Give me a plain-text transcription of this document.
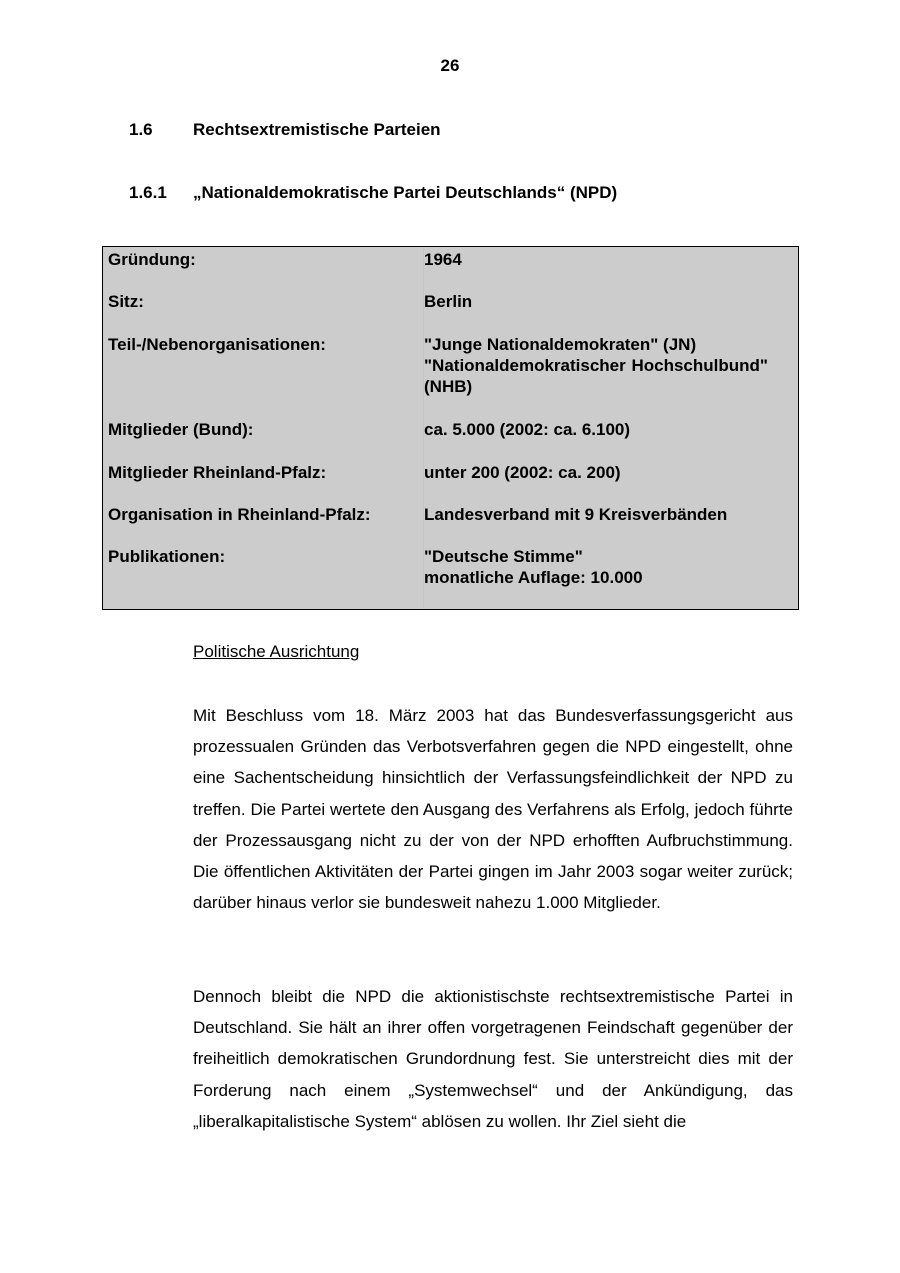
26
1.6	Rechtsextremistische Parteien
1.6.1	„Nationaldemokratische Partei Deutschlands“ (NPD)
Gründung:	1964
Sitz:	Berlin
Teil-/Nebenorganisationen:	"Junge Nationaldemokraten" (JN)
"Nationaldemokratischer Hochschulbund"
(NHB)
Mitglieder (Bund):	ca. 5.000 (2002: ca. 6.100)
Mitglieder Rheinland-Pfalz:	unter 200 (2002: ca. 200)
Organisation in Rheinland-Pfalz:	Landesverband mit 9 Kreisverbänden
Publikationen:	"Deutsche Stimme"
monatliche Auflage: 10.000
Politische Ausrichtung

Mit Beschluss vom 18. März 2003 hat das Bundesverfassungsgericht aus prozessualen Gründen das Verbotsverfahren gegen die NPD eingestellt, ohne eine Sachentscheidung hinsichtlich der Verfassungsfeindlichkeit der NPD zu treffen. Die Partei wertete den Ausgang des Verfahrens als Erfolg, jedoch führte der Prozessausgang nicht zu der von der NPD erhofften Aufbruchstimmung. Die öffentlichen Aktivitäten der Partei gingen im Jahr 2003 sogar weiter zurück; darüber hinaus verlor sie bundesweit nahezu 1.000 Mitglieder.

Dennoch bleibt die NPD die aktionistischste rechtsextremistische Partei in Deutschland. Sie hält an ihrer offen vorgetragenen Feindschaft gegenüber der freiheitlich demokratischen Grundordnung fest. Sie unterstreicht dies mit der Forderung nach einem „Systemwechsel“ und der Ankündigung, das „liberalkapitalistische System“ ablösen zu wollen. Ihr Ziel sieht die
